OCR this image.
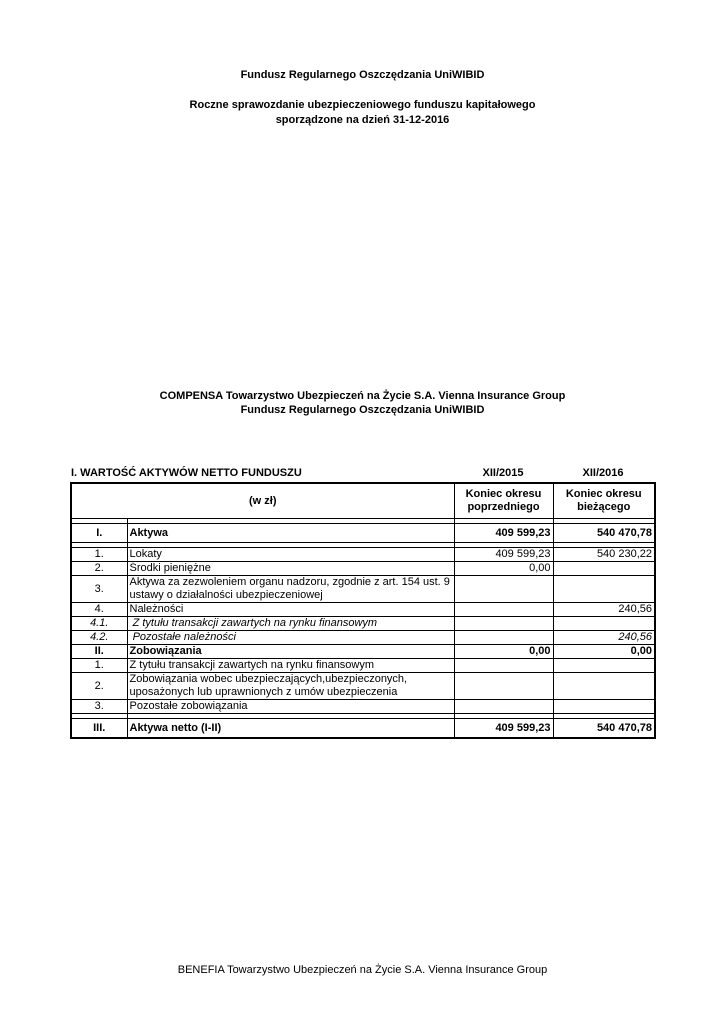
Fundusz Regularnego Oszczędzania UniWIBID
Roczne sprawozdanie ubezpieczeniowego funduszu kapitałowego
sporządzone na dzień 31-12-2016
COMPENSA Towarzystwo Ubezpieczeń na Życie S.A. Vienna Insurance Group
Fundusz Regularnego Oszczędzania UniWIBID
I. WARTOŚĆ AKTYWÓW NETTO FUNDUSZU	XII/2015	XII/2016
(w zł)		Koniec okresu poprzedniego	Koniec okresu bieżącego

I.	Aktywa	409 599,23	540 470,78

1.	Lokaty	409 599,23	540 230,22
2.	Środki pieniężne	0,00	
3.	Aktywa za zezwoleniem organu nadzoru, zgodnie z art. 154 ust. 9 ustawy o działalności ubezpieczeniowej		
4.	Należności		240,56
4.1.	Z tytułu transakcji zawartych na rynku finansowym		
4.2.	Pozostałe należności		240,56
II.	Zobowiązania	0,00	0,00
1.	Z tytułu transakcji zawartych na rynku finansowym		
2.	Zobowiązania wobec ubezpieczających,ubezpieczonych, uposażonych lub uprawnionych z umów ubezpieczenia		
3.	Pozostałe zobowiązania		

III.	Aktywa netto (I-II)	409 599,23	540 470,78
BENEFIA Towarzystwo Ubezpieczeń na Życie S.A. Vienna Insurance Group
